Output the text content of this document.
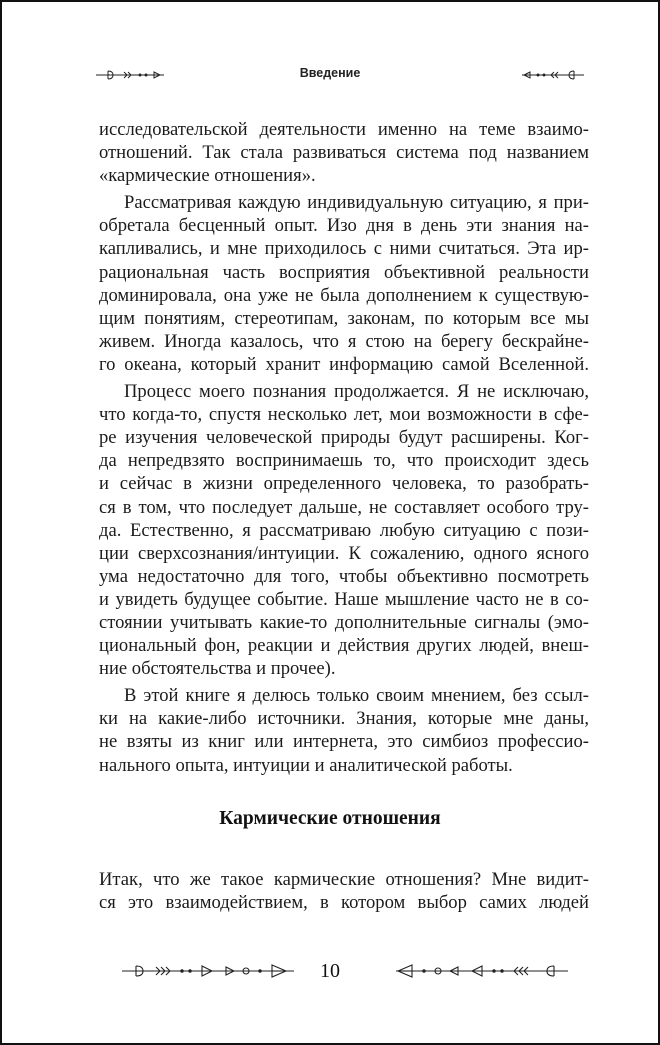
Введение

исследовательской деятельности именно на теме взаимо-
отношений. Так стала развиваться система под названием
«кармические отношения».

Рассматривая каждую индивидуальную ситуацию, я при-
обретала бесценный опыт. Изо дня в день эти знания на-
капливались, и мне приходилось с ними считаться. Эта ир-
рациональная часть восприятия объективной реальности
доминировала, она уже не была дополнением к существую-
щим понятиям, стереотипам, законам, по которым все мы
живем. Иногда казалось, что я стою на берегу бескрайне-
го океана, который хранит информацию самой Вселенной.

Процесс моего познания продолжается. Я не исключаю,
что когда-то, спустя несколько лет, мои возможности в сфе-
ре изучения человеческой природы будут расширены. Ког-
да непредвзято воспринимаешь то, что происходит здесь
и сейчас в жизни определенного человека, то разобрать-
ся в том, что последует дальше, не составляет особого тру-
да. Естественно, я рассматриваю любую ситуацию с пози-
ции сверхсознания/интуиции. К сожалению, одного ясного
ума недостаточно для того, чтобы объективно посмотреть
и увидеть будущее событие. Наше мышление часто не в со-
стоянии учитывать какие-то дополнительные сигналы (эмо-
циональный фон, реакции и действия других людей, внеш-
ние обстоятельства и прочее).

В этой книге я делюсь только своим мнением, без ссыл-
ки на какие-либо источники. Знания, которые мне даны,
не взяты из книг или интернета, это симбиоз профессио-
нального опыта, интуиции и аналитической работы.

Кармические отношения

Итак, что же такое кармические отношения? Мне видит-
ся это взаимодействием, в котором выбор самих людей

10
